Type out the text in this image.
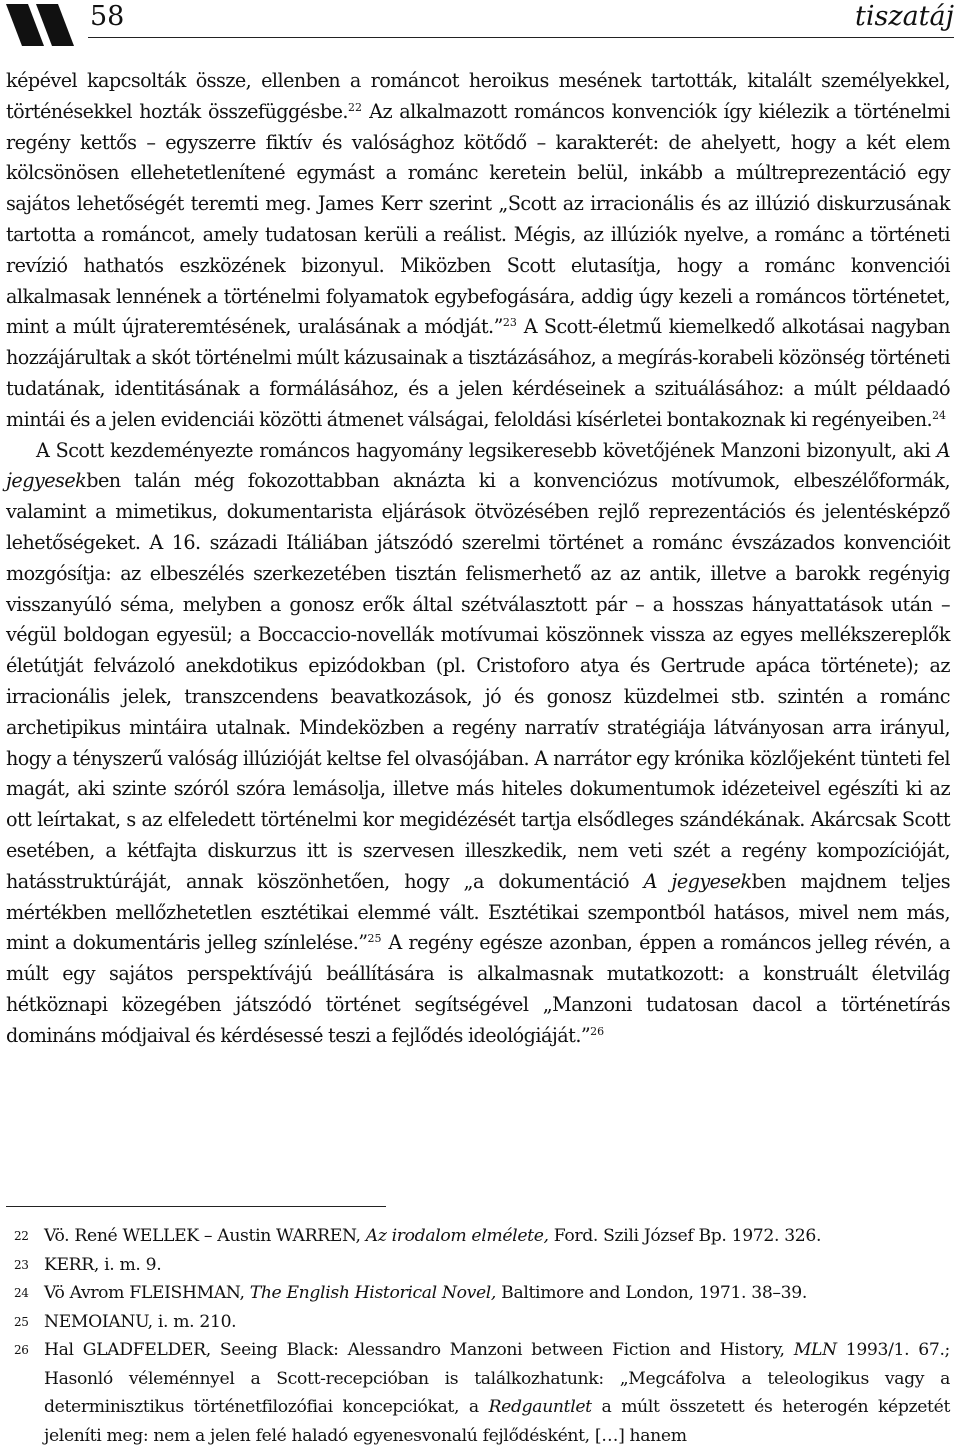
58	tiszatáj

képével kapcsolták össze, ellenben a románcot heroikus mesének tartották, kitalált személyekkel, történésekkel hozták összefüggésbe.$^{22}$ Az alkalmazott románcos konvenciók így kiélezik a történelmi regény kettős – egyszerre fiktív és valósághoz kötődő – karakterét: de ahelyett, hogy a két elem kölcsönösen ellehetetlenítené egymást a románc keretein belül, inkább a múltreprezentáció egy sajátos lehetőségét teremti meg. James Kerr szerint „Scott az irracionális és az illúzió diskurzusának tartotta a románcot, amely tudatosan kerüli a reálist. Mégis, az illúziók nyelve, a románc a történeti revízió hathatós eszközének bizonyul. Miközben Scott elutasítja, hogy a románc konvenciói alkalmasak lennének a történelmi folyamatok egybefogására, addig úgy kezeli a románcos történetet, mint a múlt újrateremtésének, uralásának a módját.”$^{23}$ A Scott-életmű kiemelkedő alkotásai nagyban hozzájárultak a skót történelmi múlt kázusainak a tisztázásához, a megírás-korabeli közönség történeti tudatának, identitásának a formálásához, és a jelen kérdéseinek a szituálásához: a múlt példaadó mintái és a jelen evidenciái közötti átmenet válságai, feloldási kísérletei bontakoznak ki regényeiben.$^{24}$

A Scott kezdeményezte románcos hagyomány legsikeresebb követőjének Manzoni bizonyult, aki A jegyesekben talán még fokozottabban aknázta ki a konvenciózus motívumok, elbeszélőformák, valamint a mimetikus, dokumentarista eljárások ötvözésében rejlő reprezentációs és jelentésképző lehetőségeket. A 16. századi Itáliában játszódó szerelmi történet a románc évszázados konvencióit mozgósítja: az elbeszélés szerkezetében tisztán felismerhető az az antik, illetve a barokk regényig visszanyúló séma, melyben a gonosz erők által szétválasztott pár – a hosszas hányattatások után – végül boldogan egyesül; a Boccaccio-novellák motívumai köszönnek vissza az egyes mellékszereplők életútját felvázoló anekdotikus epizódokban (pl. Cristoforo atya és Gertrude apáca története); az irracionális jelek, transzcendens beavatkozások, jó és gonosz küzdelmei stb. szintén a románc archetipikus mintáira utalnak. Mindeközben a regény narratív stratégiája látványosan arra irányul, hogy a tényszerű valóság illúzióját keltse fel olvasójában. A narrátor egy krónika közlőjeként tünteti fel magát, aki szinte szóról szóra lemásolja, illetve más hiteles dokumentumok idézeteivel egészíti ki az ott leírtakat, s az elfeledett történelmi kor megidézését tartja elsődleges szándékának. Akárcsak Scott esetében, a kétfajta diskurzus itt is szervesen illeszkedik, nem veti szét a regény kompozícióját, hatásstruktúráját, annak köszönhetően, hogy „a dokumentáció A jegyesekben majdnem teljes mértékben mellőzhetetlen esztétikai elemmé vált. Esztétikai szempontból hatásos, mivel nem más, mint a dokumentáris jelleg színlelése.”$^{25}$ A regény egésze azonban, éppen a románcos jelleg révén, a múlt egy sajátos perspektívájú beállítására is alkalmasnak mutatkozott: a konstruált életvilág hétköznapi közegében játszódó történet segítségével „Manzoni tudatosan dacol a történetírás domináns módjaival és kérdésessé teszi a fejlődés ideológiáját.”$^{26}$

22 Vö. René WELLEK – Austin WARREN, Az irodalom elmélete, Ford. Szili József Bp. 1972. 326.
23 KERR, i. m. 9.
24 Vö Avrom FLEISHMAN, The English Historical Novel, Baltimore and London, 1971. 38–39.
25 NEMOIANU, i. m. 210.
26 Hal GLADFELDER, Seeing Black: Alessandro Manzoni between Fiction and History, MLN 1993/1. 67.; Hasonló véleménnyel a Scott-recepcióban is találkozhatunk: „Megcáfolva a teleologikus vagy a determinisztikus történetfilozófiai koncepciókat, a Redgauntlet a múlt összetett és heterogén képzetét jeleníti meg: nem a jelen felé haladó egyenesvonalú fejlődésként, […] hanem
